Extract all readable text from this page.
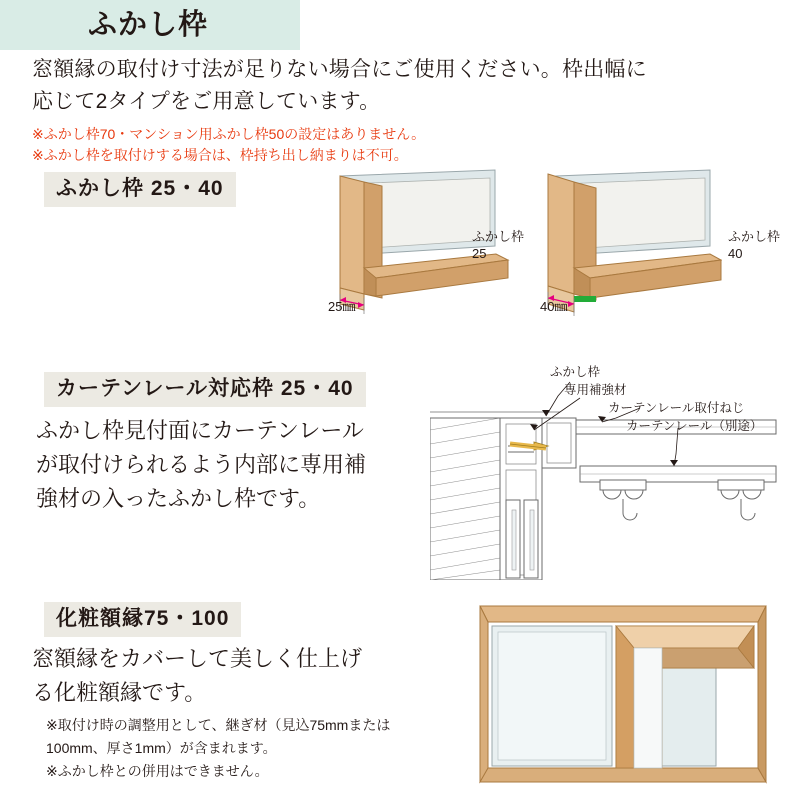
ふかし枠
窓額縁の取付け寸法が足りない場合にご使用ください。枠出幅に
応じて2タイプをご用意しています。
※ふかし枠70・マンション用ふかし枠50の設定はありません。
※ふかし枠を取付けする場合は、枠持ち出し納まりは不可。
ふかし枠 25・40
25㎜
ふかし枠
25
40㎜
ふかし枠
40
カーテンレール対応枠 25・40
ふかし枠見付面にカーテンレール
が取付けられるよう内部に専用補
強材の入ったふかし枠です。
ふかし枠
専用補強材
カーテンレール取付ねじ
カーテンレール（別途）
化粧額縁75・100
窓額縁をカバーして美しく仕上げ
る化粧額縁です。
※取付け時の調整用として、継ぎ材（見込75mmまたは
100mm、厚さ1mm）が含まれます。
※ふかし枠との併用はできません。
